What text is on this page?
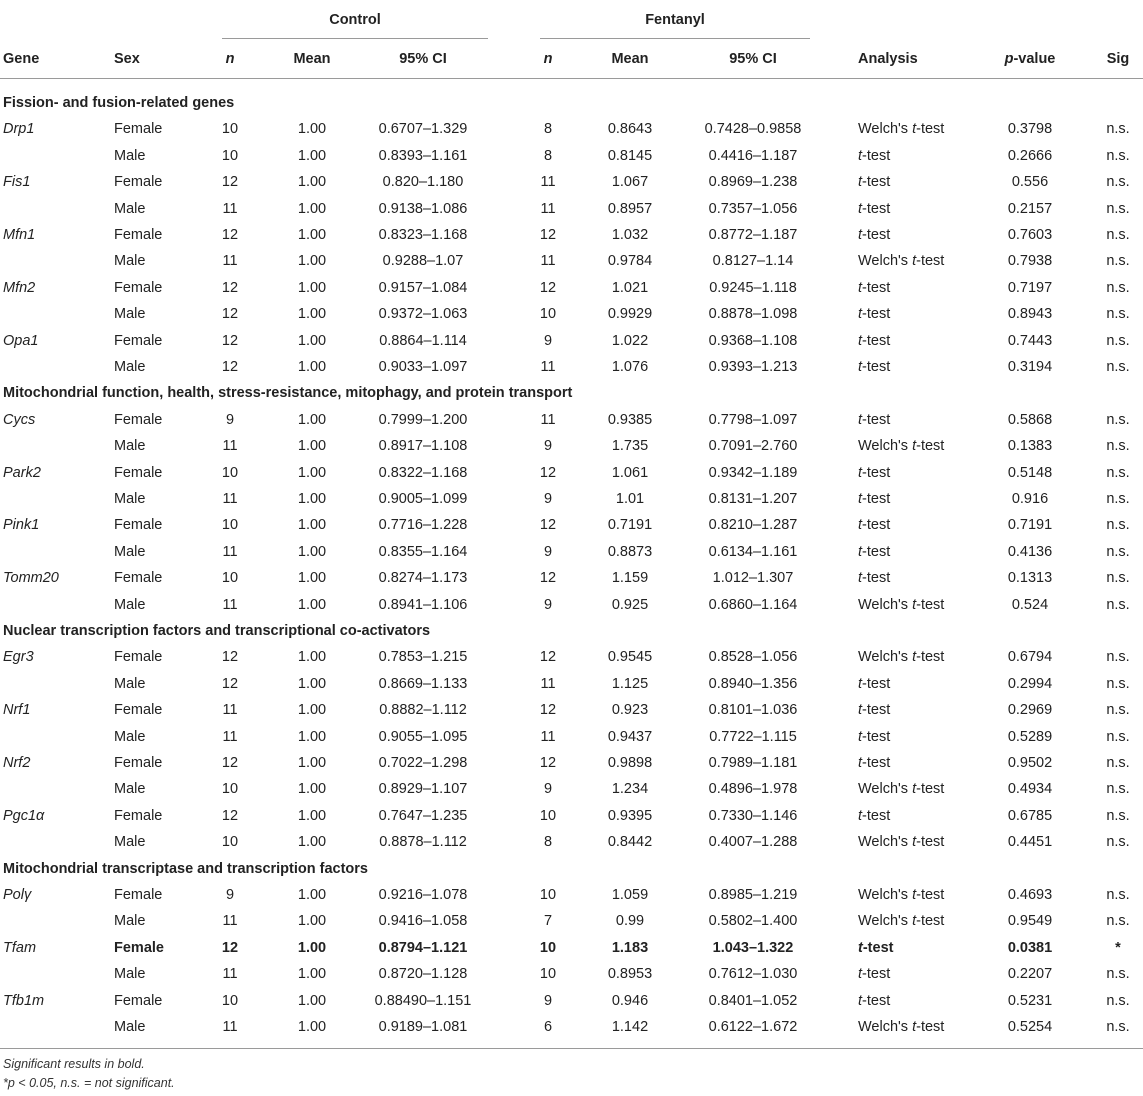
Control	Fentanyl
Gene	Sex	n	Mean	95% CI	n	Mean	95% CI	Analysis	p-value	Sig
Fission- and fusion-related genes
Drp1	Female	10	1.00	0.6707–1.329	8	0.8643	0.7428–0.9858	Welch's t-test	0.3798	n.s.
Male	10	1.00	0.8393–1.161	8	0.8145	0.4416–1.187	t-test	0.2666	n.s.
Fis1	Female	12	1.00	0.820–1.180	11	1.067	0.8969–1.238	t-test	0.556	n.s.
Male	11	1.00	0.9138–1.086	11	0.8957	0.7357–1.056	t-test	0.2157	n.s.
Mfn1	Female	12	1.00	0.8323–1.168	12	1.032	0.8772–1.187	t-test	0.7603	n.s.
Male	11	1.00	0.9288–1.07	11	0.9784	0.8127–1.14	Welch's t-test	0.7938	n.s.
Mfn2	Female	12	1.00	0.9157–1.084	12	1.021	0.9245–1.118	t-test	0.7197	n.s.
Male	12	1.00	0.9372–1.063	10	0.9929	0.8878–1.098	t-test	0.8943	n.s.
Opa1	Female	12	1.00	0.8864–1.114	9	1.022	0.9368–1.108	t-test	0.7443	n.s.
Male	12	1.00	0.9033–1.097	11	1.076	0.9393–1.213	t-test	0.3194	n.s.
Mitochondrial function, health, stress-resistance, mitophagy, and protein transport
Cycs	Female	9	1.00	0.7999–1.200	11	0.9385	0.7798–1.097	t-test	0.5868	n.s.
Male	11	1.00	0.8917–1.108	9	1.735	0.7091–2.760	Welch's t-test	0.1383	n.s.
Park2	Female	10	1.00	0.8322–1.168	12	1.061	0.9342–1.189	t-test	0.5148	n.s.
Male	11	1.00	0.9005–1.099	9	1.01	0.8131–1.207	t-test	0.916	n.s.
Pink1	Female	10	1.00	0.7716–1.228	12	0.7191	0.8210–1.287	t-test	0.7191	n.s.
Male	11	1.00	0.8355–1.164	9	0.8873	0.6134–1.161	t-test	0.4136	n.s.
Tomm20	Female	10	1.00	0.8274–1.173	12	1.159	1.012–1.307	t-test	0.1313	n.s.
Male	11	1.00	0.8941–1.106	9	0.925	0.6860–1.164	Welch's t-test	0.524	n.s.
Nuclear transcription factors and transcriptional co-activators
Egr3	Female	12	1.00	0.7853–1.215	12	0.9545	0.8528–1.056	Welch's t-test	0.6794	n.s.
Male	12	1.00	0.8669–1.133	11	1.125	0.8940–1.356	t-test	0.2994	n.s.
Nrf1	Female	11	1.00	0.8882–1.112	12	0.923	0.8101–1.036	t-test	0.2969	n.s.
Male	11	1.00	0.9055–1.095	11	0.9437	0.7722–1.115	t-test	0.5289	n.s.
Nrf2	Female	12	1.00	0.7022–1.298	12	0.9898	0.7989–1.181	t-test	0.9502	n.s.
Male	10	1.00	0.8929–1.107	9	1.234	0.4896–1.978	Welch's t-test	0.4934	n.s.
Pgc1α	Female	12	1.00	0.7647–1.235	10	0.9395	0.7330–1.146	t-test	0.6785	n.s.
Male	10	1.00	0.8878–1.112	8	0.8442	0.4007–1.288	Welch's t-test	0.4451	n.s.
Mitochondrial transcriptase and transcription factors
Polγ	Female	9	1.00	0.9216–1.078	10	1.059	0.8985–1.219	Welch's t-test	0.4693	n.s.
Male	11	1.00	0.9416–1.058	7	0.99	0.5802–1.400	Welch's t-test	0.9549	n.s.
Tfam	Female	12	1.00	0.8794–1.121	10	1.183	1.043–1.322	t-test	0.0381	*
Male	11	1.00	0.8720–1.128	10	0.8953	0.7612–1.030	t-test	0.2207	n.s.
Tfb1m	Female	10	1.00	0.88490–1.151	9	0.946	0.8401–1.052	t-test	0.5231	n.s.
Male	11	1.00	0.9189–1.081	6	1.142	0.6122–1.672	Welch's t-test	0.5254	n.s.
Significant results in bold.
*p < 0.05, n.s. = not significant.
